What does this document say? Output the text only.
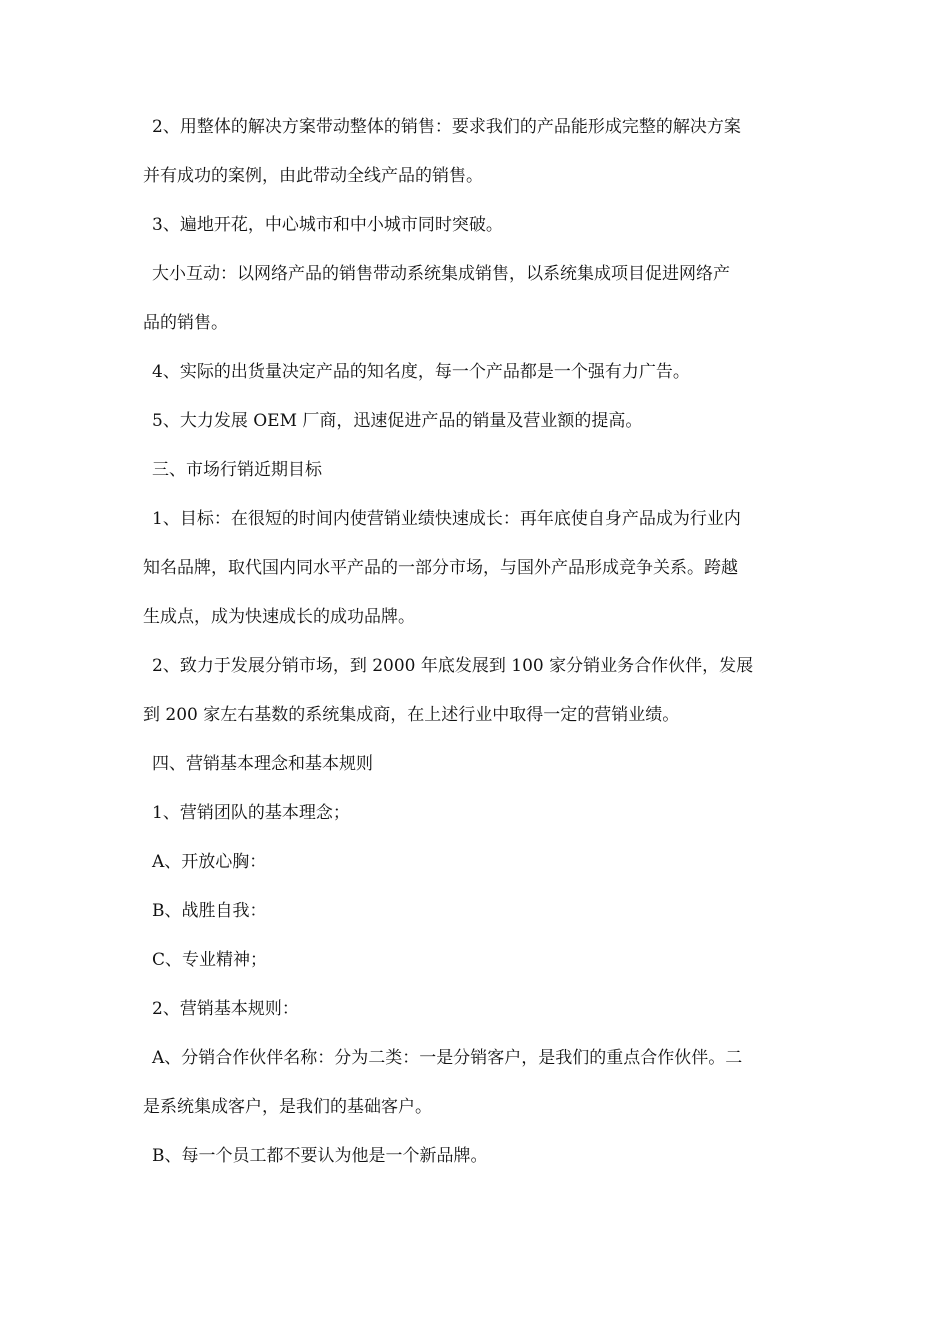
2、用整体的解决方案带动整体的销售：要求我们的产品能形成完整的解决方案
并有成功的案例，由此带动全线产品的销售。
3、遍地开花，中心城市和中小城市同时突破。
大小互动：以网络产品的销售带动系统集成销售，以系统集成项目促进网络产
品的销售。
4、实际的出货量决定产品的知名度，每一个产品都是一个强有力广告。
5、大力发展 OEM 厂商，迅速促进产品的销量及营业额的提高。
三、市场行销近期目标
1、目标：在很短的时间内使营销业绩快速成长：再年底使自身产品成为行业内
知名品牌，取代国内同水平产品的一部分市场，与国外产品形成竞争关系。跨越
生成点，成为快速成长的成功品牌。
2、致力于发展分销市场，到 2000 年底发展到 100 家分销业务合作伙伴，发展
到 200 家左右基数的系统集成商，在上述行业中取得一定的营销业绩。
四、营销基本理念和基本规则
1、营销团队的基本理念；
A、开放心胸：
B、战胜自我：
C、专业精神；
2、营销基本规则：
A、分销合作伙伴名称：分为二类：一是分销客户，是我们的重点合作伙伴。二
是系统集成客户，是我们的基础客户。
B、每一个员工都不要认为他是一个新品牌。
